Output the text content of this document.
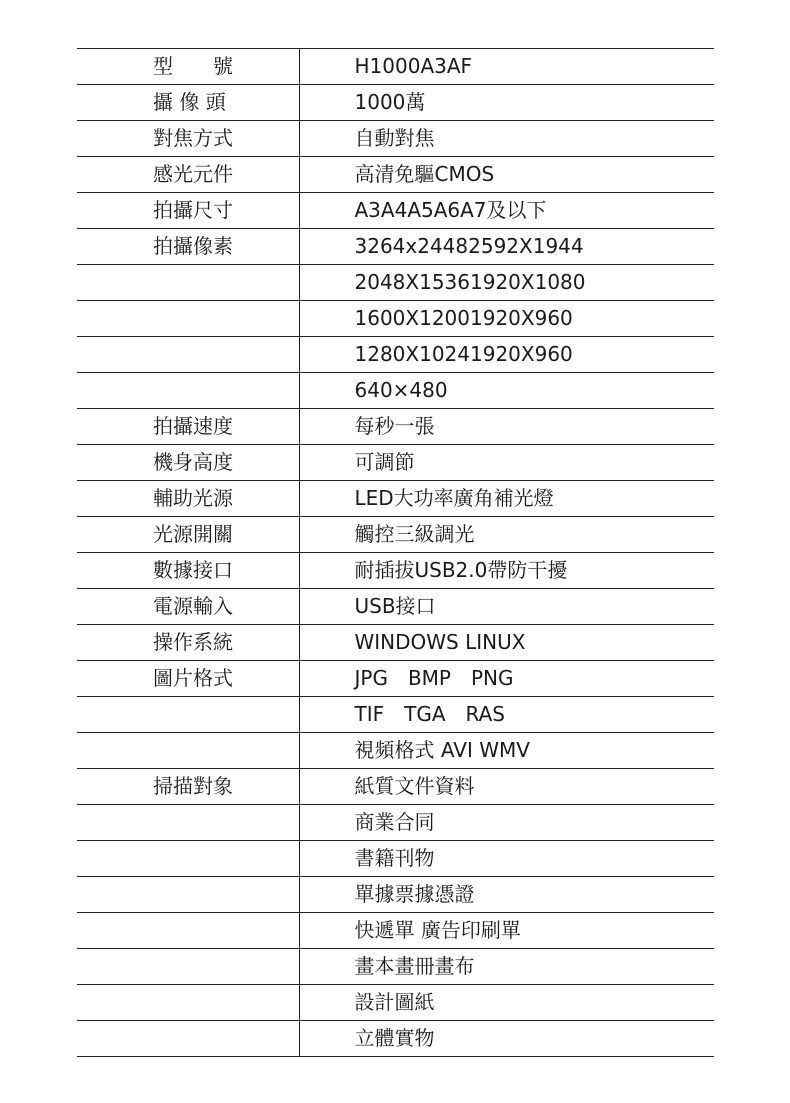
型　　號	H1000A3AF
攝 像 頭	1000萬
對焦方式	自動對焦
感光元件	高清免驅CMOS
拍攝尺寸	A3A4A5A6A7及以下
拍攝像素	3264x24482592X1944
	2048X15361920X1080
	1600X12001920X960
	1280X10241920X960
	640×480
拍攝速度	每秒一張
機身高度	可調節
輔助光源	LED大功率廣角補光燈
光源開關	觸控三級調光
數據接口	耐插拔USB2.0帶防干擾
電源輸入	USB接口
操作系統	WINDOWS LINUX
圖片格式	JPG　BMP　PNG
	TIF　TGA　RAS
	視頻格式 AVI WMV
掃描對象	紙質文件資料
	商業合同
	書籍刊物
	單據票據憑證
	快遞單 廣告印刷單
	畫本畫冊畫布
	設計圖紙
	立體實物
